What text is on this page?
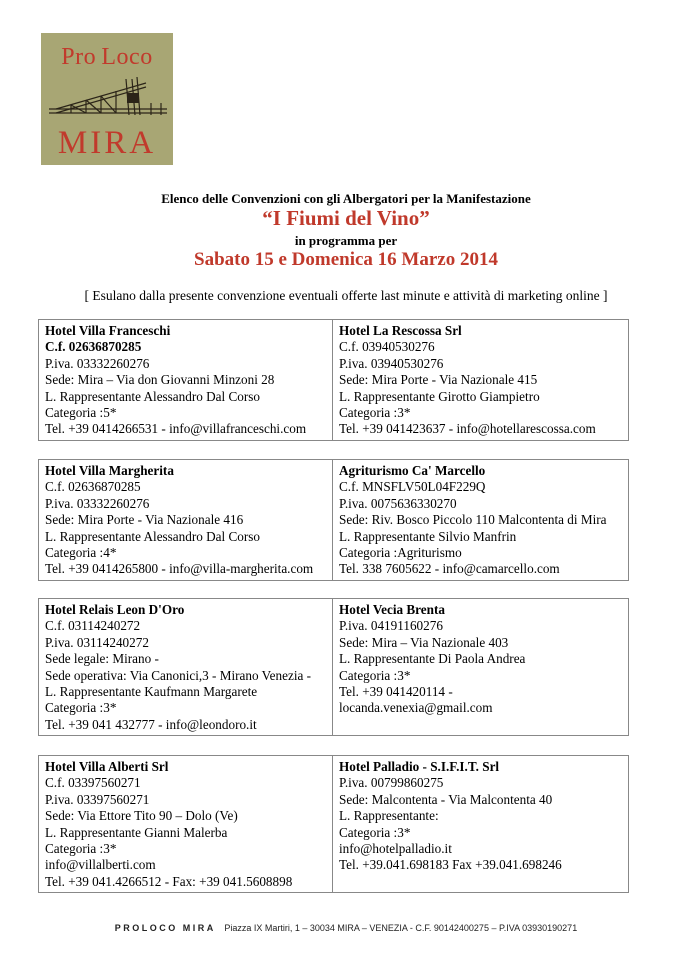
Pro Loco
MIRA
Elenco delle Convenzioni con gli Albergatori per la Manifestazione
“I Fiumi del Vino”
in programma per
Sabato 15 e Domenica 16 Marzo 2014
[ Esulano dalla presente convenzione eventuali offerte last minute e attività di marketing online ]
Hotel Villa Franceschi
C.f. 02636870285
P.iva. 03332260276
Sede: Mira – Via don Giovanni Minzoni 28
L. Rappresentante Alessandro Dal Corso
Categoria :5*
Tel. +39 0414266531 - info@villafranceschi.com

Hotel La Rescossa Srl
C.f. 03940530276
P.iva. 03940530276
Sede: Mira Porte - Via Nazionale 415
L. Rappresentante Girotto Giampietro
Categoria :3*
Tel. +39 041423637 - info@hotellarescossa.com
Hotel Villa Margherita
C.f. 02636870285
P.iva. 03332260276
Sede: Mira Porte - Via Nazionale 416
L. Rappresentante Alessandro Dal Corso
Categoria :4*
Tel. +39 0414265800 - info@villa-margherita.com

Agriturismo Ca' Marcello
C.f. MNSFLV50L04F229Q
P.iva. 0075636330270
Sede: Riv. Bosco Piccolo 110 Malcontenta di Mira
L. Rappresentante Silvio Manfrin
Categoria :Agriturismo
Tel. 338 7605622 - info@camarcello.com
Hotel Relais Leon D'Oro
C.f. 03114240272
P.iva. 03114240272
Sede legale: Mirano -
Sede operativa: Via Canonici,3 - Mirano Venezia -
L. Rappresentante Kaufmann Margarete
Categoria :3*
Tel. +39 041 432777 - info@leondoro.it

Hotel Vecia Brenta
P.iva. 04191160276
Sede: Mira – Via Nazionale 403
L. Rappresentante Di Paola Andrea
Categoria :3*
Tel. +39 041420114 -
locanda.venexia@gmail.com
Hotel Villa Alberti Srl
C.f. 03397560271
P.iva. 03397560271
Sede: Via Ettore Tito 90 – Dolo (Ve)
L. Rappresentante Gianni Malerba
Categoria :3*
info@villalberti.com
Tel. +39 041.4266512 - Fax: +39 041.5608898

Hotel Palladio - S.I.F.I.T. Srl
P.iva. 00799860275
Sede: Malcontenta - Via Malcontenta 40
L. Rappresentante:
Categoria :3*
info@hotelpalladio.it
Tel. +39.041.698183 Fax +39.041.698246
PROLOCO MIRA Piazza IX Martiri, 1 – 30034 MIRA – VENEZIA - C.F. 90142400275 – P.IVA 03930190271
